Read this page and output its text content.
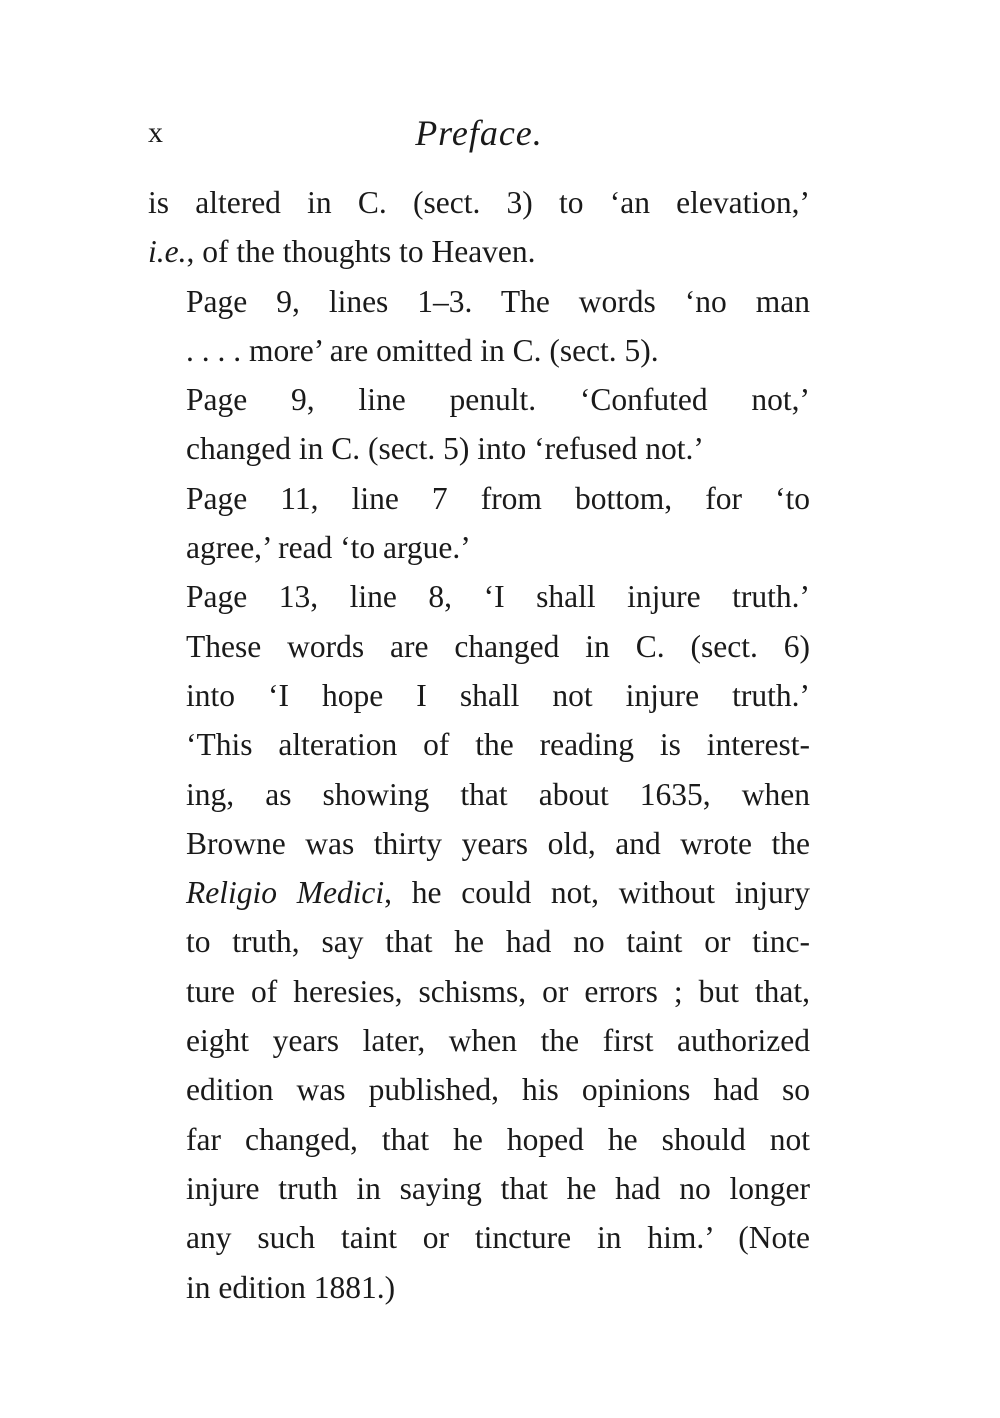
x	Preface.

is altered in C. (sect. 3) to ‘an elevation,’
i.e., of the thoughts to Heaven.

Page 9, lines 1–3. The words ‘no man
. . . . more’ are omitted in C. (sect. 5).

Page 9, line penult. ‘Confuted not,’
changed in C. (sect. 5) into ‘refused not.’

Page 11, line 7 from bottom, for ‘to
agree,’ read ‘to argue.’

Page 13, line 8, ‘I shall injure truth.’
These words are changed in C. (sect. 6)
into ‘I hope I shall not injure truth.’
‘This alteration of the reading is interest-
ing, as showing that about 1635, when
Browne was thirty years old, and wrote the
Religio Medici, he could not, without injury
to truth, say that he had no taint or tinc-
ture of heresies, schisms, or errors ; but that,
eight years later, when the first authorized
edition was published, his opinions had so
far changed, that he hoped he should not
injure truth in saying that he had no longer
any such taint or tincture in him.’ (Note
in edition 1881.)
